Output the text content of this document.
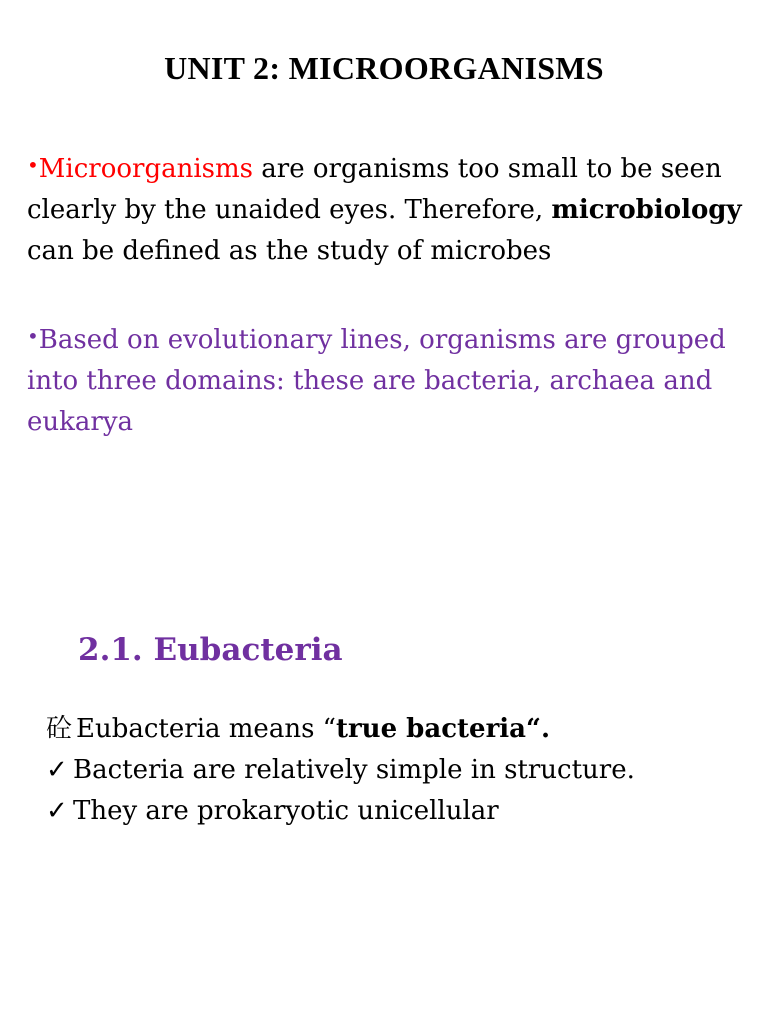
UNIT 2: MICROORGANISMS
•Microorganisms are organisms too small to be seen clearly by the unaided eyes. Therefore, microbiology can be defined as the study of microbes
•Based on evolutionary lines, organisms are grouped into three domains: these are bacteria, archaea and eukarya
2.1. Eubacteria
砼 Eubacteria means “true bacteria“.
✓ Bacteria are relatively simple in structure.
✓ They are prokaryotic unicellular
